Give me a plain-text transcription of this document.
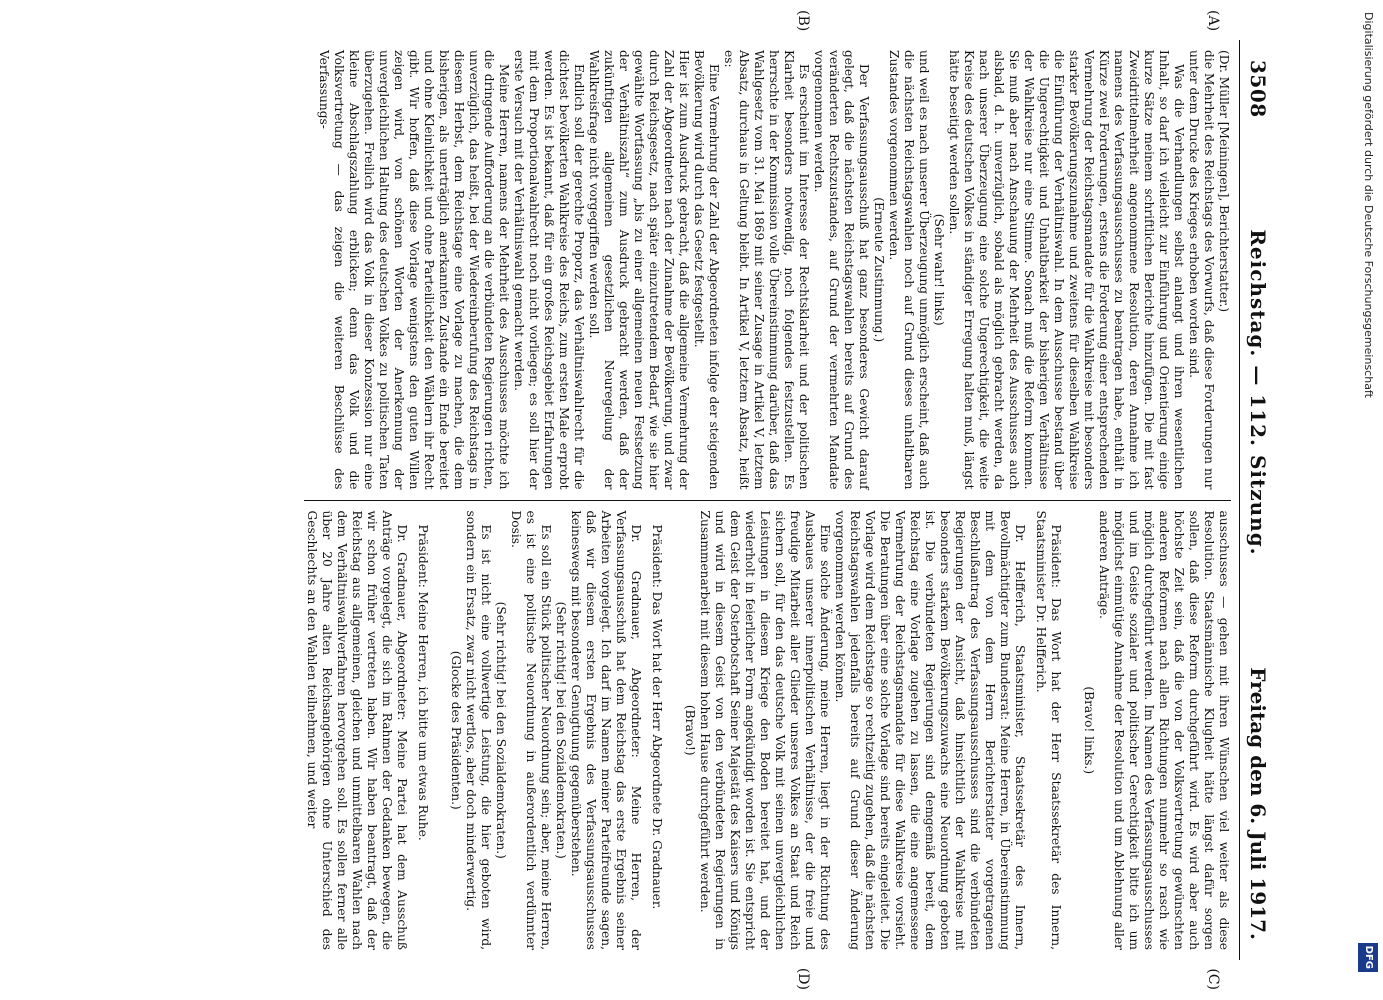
3508
Reichstag. — 112. Sitzung.
Freitag den 6. Juli 1917.
(A)
(B)

(Dr. Müller [Meiningen], Berichterstatter.)

die Mehrheit des Reichstags des Vorwurfs, daß diese Forderungen nur unter dem Drucke des Krieges erhoben worden sind.

Was die Verhandlungen selbst anlangt und ihren wesentlichen Inhalt, so darf ich vielleicht zur Einführung und Orientierung einige kurze Sätze meinem schriftlichen Berichte hinzufügen. Die mit fast Zweidrittelmehrheit angenommene Resolution, deren Annahme ich namens des Verfassungsausschusses zu beantragen habe, enthält in Kürze zwei Forderungen, erstens die Forderung einer entsprechenden Vermehrung der Reichstagsmandate für die Wahlkreise mit besonders starker Bevölkerungszunahme und zweitens für dieselben Wahlkreise die Einführung der Verhältniswahl. In dem Ausschusse bestand über die Ungerechtigkeit und Unhaltbarkeit der bisherigen Verhältnisse der Wahlkreise nur eine Stimme. Sonach muß die Reform kommen. Sie muß aber nach Anschauung der Mehrheit des Ausschusses auch alsbald, d. h. unverzüglich, sobald als möglich gebracht werden, da nach unserer Überzeugung eine solche Ungerechtigkeit, die weite Kreise des deutschen Volkes in ständiger Erregung halten muß, längst hätte beseitigt werden sollen.

(Sehr wahr! links)

und weil es nach unserer Überzeugung unmöglich erscheint, daß auch die nächsten Reichstagswahlen noch auf Grund dieses unhaltbaren Zustandes vorgenommen werden.

(Erneute Zustimmung.)

Der Verfassungsausschuß hat ganz besonderes Gewicht darauf gelegt, daß die nächsten Reichstagswahlen bereits auf Grund des veränderten Rechtszustandes, auf Grund der vermehrten Mandate vorgenommen werden.

Es erscheint im Interesse der Rechtsklarheit und der politischen Klarheit besonders notwendig, noch folgendes festzustellen. Es herrschte in der Kommission volle Übereinstimmung darüber, daß das Wahlgesetz vom 31. Mai 1869 mit seiner Zusage in Artikel V, letztem Absatz, durchaus in Geltung bleibt. In Artikel V, letztem Absatz, heißt es:

Eine Vermehrung der Zahl der Abgeordneten infolge der steigenden Bevölkerung wird durch das Gesetz festgestellt.

Hier ist zum Ausdruck gebracht, daß die allgemeine Vermehrung der Zahl der Abgeordneten nach der Zunahme der Bevölkerung, und zwar durch Reichsgesetz, nach später einzutretendem Bedarf, wie sie hier gewählte Wortfassung „bis zu einer allgemeinen neuen Festsetzung der Verhältniszahl“ zum Ausdruck gebracht werden, daß der zukünftigen allgemeinen gesetzlichen Neuregelung der Wahlkreisfrage nicht vorgegriffen werden soll.

Endlich soll der gerechte Proporz, das Verhältniswahlrecht für die dichtest bevölkerten Wahlkreise des Reichs, zum ersten Male erprobt werden. Es ist bekannt, daß für ein großes Reichsgebiet Erfahrungen mit dem Proportionalwahlrecht noch nicht vorliegen; es soll hier der erste Versuch mit der Verhältniswahl gemacht werden.

Meine Herren, namens der Mehrheit des Ausschusses möchte ich die dringende Aufforderung an die verbündeten Regierungen richten, unverzüglich, das heißt, bei der Wiedereinberufung des Reichstags in diesem Herbst, dem Reichstage eine Vorlage zu machen, die dem bisherigen, als unerträglich anerkannten Zustande ein Ende bereitet und ohne Kleinlichkeit und ohne Parteilichkeit den Wählern ihr Recht gibt. Wir hoffen, daß diese Vorlage wenigstens den guten Willen zeigen wird, von schönen Worten der Anerkennung der unvergleichlichen Haltung des deutschen Volkes zu politischen Taten überzugehen. Freilich wird das Volk in dieser Konzession nur eine kleine Abschlagszahlung erblicken; denn das Volk und die Volksvertretung — das zeigen die weiteren Beschlüsse des Verfassungs-

ausschusses — gehen mit ihren Wünschen viel weiter als diese Resolution. Staatsmännische Klugheit hätte längst dafür sorgen sollen, daß diese Reform durchgeführt wird. Es wird aber auch höchste Zeit sein, daß die von der Volksvertretung gewünschten anderen Reformen nach allen Richtungen nunmehr so rasch wie möglich durchgeführt werden. Im Namen des Verfassungsausschusses und im Geiste sozialer und politischer Gerechtigkeit bitte ich um möglichst einmütige Annahme der Resolution und um Ablehnung aller anderen Anträge.

(Bravo! links.)

Präsident: Das Wort hat der Herr Staatssekretär des Innern, Staatsminister Dr. Helfferich.

Dr. Helfferich, Staatsminister, Staatssekretär des Innern, Bevollmächtigter zum Bundesrat: Meine Herren, in Übereinstimmung mit dem von dem Herrn Berichterstatter vorgetragenen Beschlußantrag des Verfassungsausschusses sind die verbündeten Regierungen der Ansicht, daß hinsichtlich der Wahlkreise mit besonders starkem Bevölkerungszuwachs eine Neuordnung geboten ist. Die verbündeten Regierungen sind demgemäß bereit, dem Reichstag eine Vorlage zugehen zu lassen, die eine angemessene Vermehrung der Reichstagsmandate für diese Wahlkreise vorsieht. Die Beratungen über eine solche Vorlage sind bereits eingeleitet. Die Vorlage wird dem Reichstage so rechtzeitig zugehen, daß die nächsten Reichstagswahlen jedenfalls bereits auf Grund dieser Änderung vorgenommen werden können.

Eine solche Änderung, meine Herren, liegt in der Richtung des Ausbaues unserer innerpolitischen Verhältnisse, der die freie und freudige Mitarbeit aller Glieder unseres Volkes an Staat und Reich sichern soll, für den das deutsche Volk mit seinen unvergleichlichen Leistungen in diesem Kriege den Boden bereitet hat, und der wiederholt in feierlicher Form angekündigt worden ist. Sie entspricht dem Geist der Osterbotschaft Seiner Majestät des Kaisers und Königs und wird in diesem Geist von den verbündeten Regierungen in Zusammenarbeit mit diesem hohen Hause durchgeführt werden.

(Bravo!)

Präsident: Das Wort hat der Herr Abgeordnete Dr. Gradnauer.

Dr. Gradnauer, Abgeordneter: Meine Herren, der Verfassungsausschuß hat dem Reichstag das erste Ergebnis seiner Arbeiten vorgelegt. Ich darf im Namen meiner Parteifreunde sagen, daß wir diesem ersten Ergebnis des Verfassungsausschusses keineswegs mit besonderer Genugtuung gegenüberstehen.

(Sehr richtig! bei den Sozialdemokraten.)

Es soll ein Stück politischer Neuordnung sein; aber, meine Herren, es ist eine politische Neuordnung in außerordentlich verdünnter Dosis.

(Sehr richtig! bei den Sozialdemokraten.)

Es ist nicht eine vollwertige Leistung, die hier geboten wird, sondern ein Ersatz, zwar nicht wertlos, aber doch minderwertig.

(Glocke des Präsidenten.)

Präsident: Meine Herren, ich bitte um etwas Ruhe.

Dr. Gradnauer, Abgeordneter: Meine Partei hat dem Ausschuß Anträge vorgelegt, die sich im Rahmen der Gedanken bewegen, die wir schon früher vertreten haben. Wir haben beantragt, daß der Reichstag aus allgemeinen, gleichen und unmittelbaren Wahlen nach dem Verhältniswahlverfahren hervorgehen soll. Es sollen ferner alle über 20 Jahre alten Reichsangehörigen ohne Unterschied des Geschlechts an den Wahlen teilnehmen, und weiter

(C)
(D)
Digitalisierung gefördert durch die Deutsche Forschungsgemeinschaft
DFG
